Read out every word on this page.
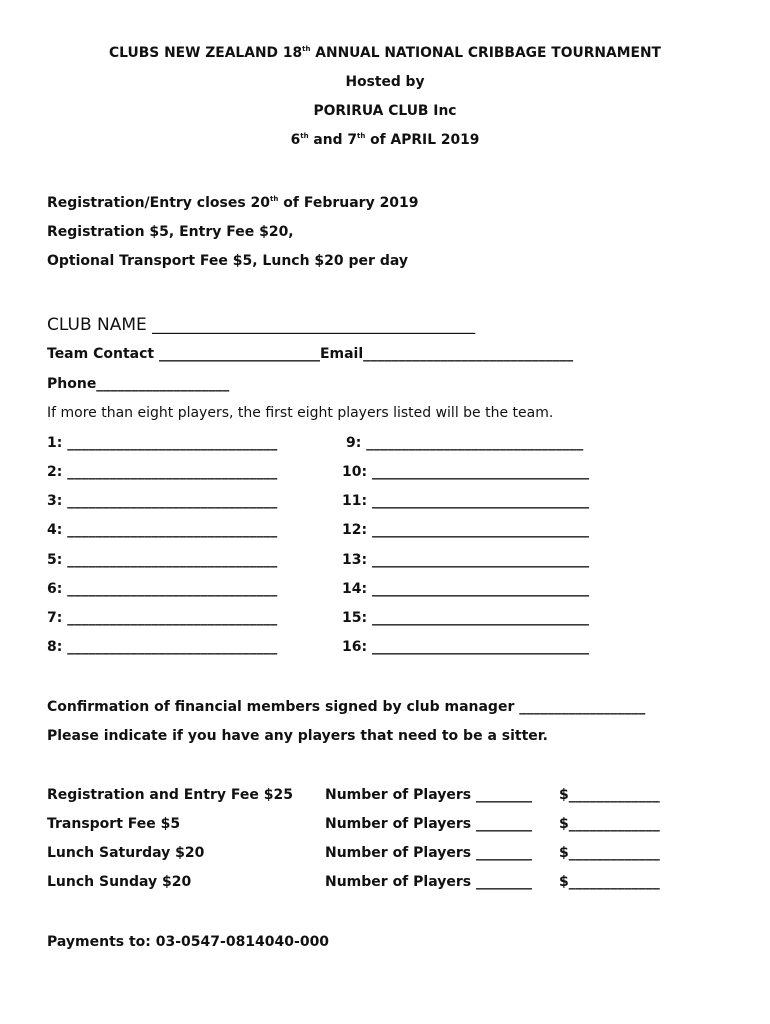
CLUBS NEW ZEALAND 18th ANNUAL NATIONAL CRIBBAGE TOURNAMENT
Hosted by
PORIRUA CLUB Inc
6th and 7th of APRIL 2019
Registration/Entry closes 20th of February 2019
Registration $5, Entry Fee $20,
Optional Transport Fee $5, Lunch $20 per day
CLUB NAME ______________________________________
Team Contact _______________________Email______________________________
Phone___________________
If more than eight players, the first eight players listed will be the team.
1: ______________________________
2: ______________________________
3: ______________________________
4: ______________________________
5: ______________________________
6: ______________________________
7: ______________________________
8: ______________________________
9: _______________________________
10: _______________________________
11: _______________________________
12: _______________________________
13: _______________________________
14: _______________________________
15: _______________________________
16: _______________________________
Confirmation of financial members signed by club manager __________________
Please indicate if you have any players that need to be a sitter.
Registration and Entry Fee $25 Number of Players ________ $_____________
Transport Fee $5	Number of Players ________ $_____________
Lunch Saturday $20	Number of Players ________ $_____________
Lunch Sunday $20	Number of Players ________ $_____________
Payments to: 03-0547-0814040-000
